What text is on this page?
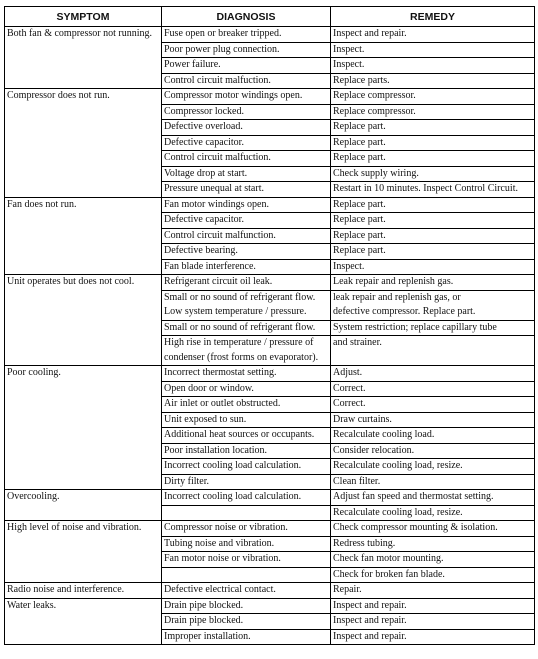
SYMPTOM	DIAGNOSIS	REMEDY
Both fan & compressor not running.	Fuse open or breaker tripped.	Inspect and repair.
	Poor power plug connection.	Inspect.
	Power failure.	Inspect.
	Control circuit malfuction.	Replace parts.
Compressor does not run.	Compressor motor windings open.	Replace compressor.
	Compressor locked.	Replace compressor.
	Defective overload.	Replace part.
	Defective capacitor.	Replace part.
	Control circuit malfuction.	Replace part.
	Voltage drop at start.	Check supply wiring.
	Pressure unequal at start.	Restart in 10 minutes. Inspect Control Circuit.
Fan does not run.	Fan motor windings open.	Replace part.
	Defective capacitor.	Replace part.
	Control circuit malfunction.	Replace part.
	Defective bearing.	Replace part.
	Fan blade interference.	Inspect.
Unit operates but does not cool.	Refrigerant circuit oil leak.	Leak repair and replenish gas.
	Small or no sound of refrigerant flow.	leak repair and replenish gas, or
	Low system temperature / pressure.	defective compressor. Replace part.
	Small or no sound of refrigerant flow.	System restriction; replace capillary tube
	High rise in temperature / pressure of	and strainer.
	condenser (frost forms on evaporator).	
Poor cooling.	Incorrect thermostat setting.	Adjust.
	Open door or window.	Correct.
	Air inlet or outlet obstructed.	Correct.
	Unit exposed to sun.	Draw curtains.
	Additional heat sources or occupants.	Recalculate cooling load.
	Poor installation location.	Consider relocation.
	Incorrect cooling load calculation.	Recalculate cooling load, resize.
	Dirty filter.	Clean filter.
Overcooling.	Incorrect cooling load calculation.	Adjust fan speed and thermostat setting.
		Recalculate cooling load, resize.
High level of noise and vibration.	Compressor noise or vibration.	Check compressor mounting & isolation.
	Tubing noise and vibration.	Redress tubing.
	Fan motor noise or vibration.	Check fan motor mounting.
		Check for broken fan blade.
Radio noise and interference.	Defective electrical contact.	Repair.
Water leaks.	Drain pipe blocked.	Inspect and repair.
	Drain pipe blocked.	Inspect and repair.
	Improper installation.	Inspect and repair.
